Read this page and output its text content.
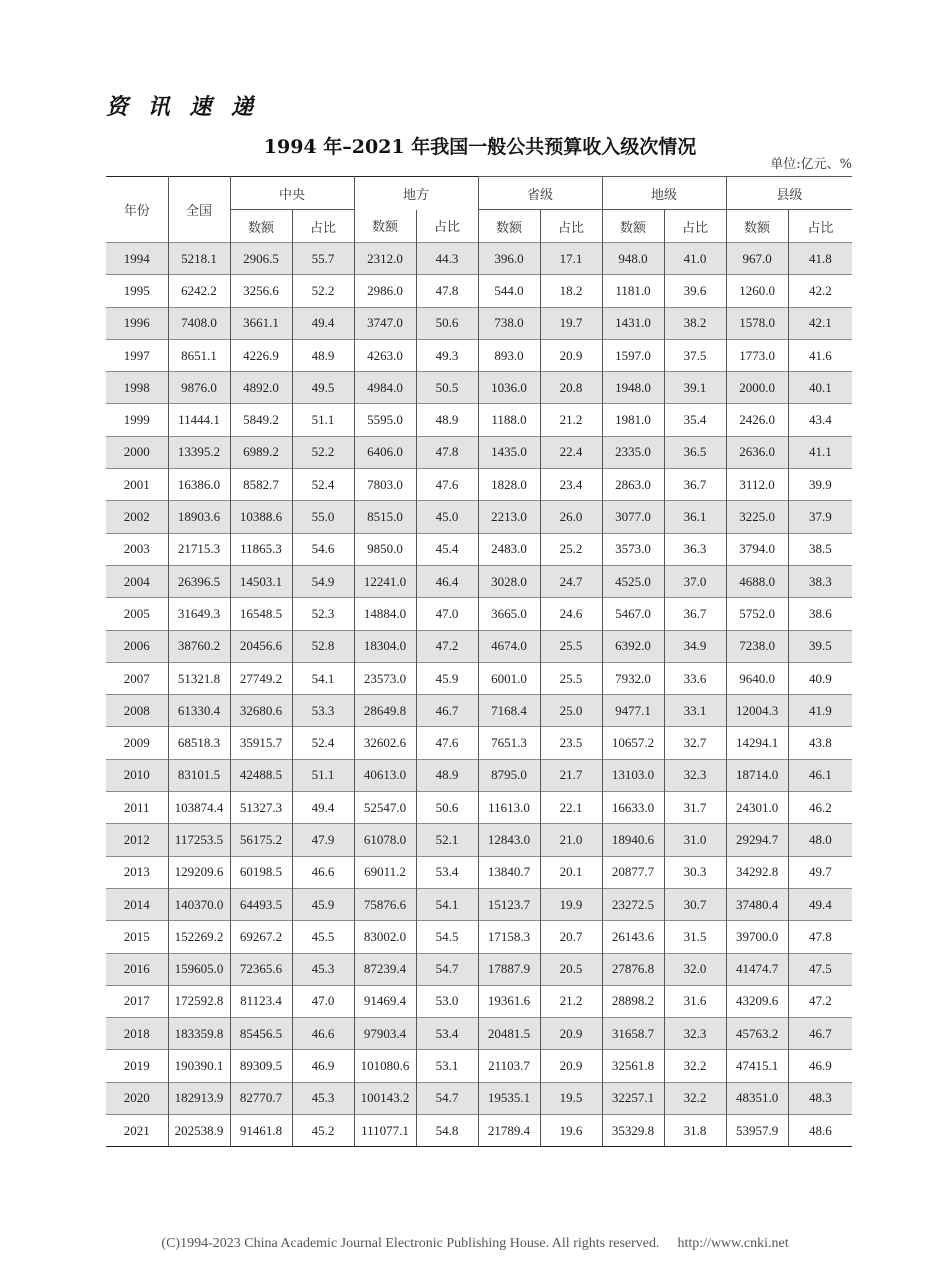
资 讯 速 递
1994 年–2021 年我国一般公共预算收入级次情况
单位:亿元、%
年份	全国	中央		地方		省级		地级		县级	
		数额	占比	数额	占比	数额	占比	数额	占比	数额	占比
1994	5218.1	2906.5	55.7	2312.0	44.3	396.0	17.1	948.0	41.0	967.0	41.8
1995	6242.2	3256.6	52.2	2986.0	47.8	544.0	18.2	1181.0	39.6	1260.0	42.2
1996	7408.0	3661.1	49.4	3747.0	50.6	738.0	19.7	1431.0	38.2	1578.0	42.1
1997	8651.1	4226.9	48.9	4263.0	49.3	893.0	20.9	1597.0	37.5	1773.0	41.6
1998	9876.0	4892.0	49.5	4984.0	50.5	1036.0	20.8	1948.0	39.1	2000.0	40.1
1999	11444.1	5849.2	51.1	5595.0	48.9	1188.0	21.2	1981.0	35.4	2426.0	43.4
2000	13395.2	6989.2	52.2	6406.0	47.8	1435.0	22.4	2335.0	36.5	2636.0	41.1
2001	16386.0	8582.7	52.4	7803.0	47.6	1828.0	23.4	2863.0	36.7	3112.0	39.9
2002	18903.6	10388.6	55.0	8515.0	45.0	2213.0	26.0	3077.0	36.1	3225.0	37.9
2003	21715.3	11865.3	54.6	9850.0	45.4	2483.0	25.2	3573.0	36.3	3794.0	38.5
2004	26396.5	14503.1	54.9	12241.0	46.4	3028.0	24.7	4525.0	37.0	4688.0	38.3
2005	31649.3	16548.5	52.3	14884.0	47.0	3665.0	24.6	5467.0	36.7	5752.0	38.6
2006	38760.2	20456.6	52.8	18304.0	47.2	4674.0	25.5	6392.0	34.9	7238.0	39.5
2007	51321.8	27749.2	54.1	23573.0	45.9	6001.0	25.5	7932.0	33.6	9640.0	40.9
2008	61330.4	32680.6	53.3	28649.8	46.7	7168.4	25.0	9477.1	33.1	12004.3	41.9
2009	68518.3	35915.7	52.4	32602.6	47.6	7651.3	23.5	10657.2	32.7	14294.1	43.8
2010	83101.5	42488.5	51.1	40613.0	48.9	8795.0	21.7	13103.0	32.3	18714.0	46.1
2011	103874.4	51327.3	49.4	52547.0	50.6	11613.0	22.1	16633.0	31.7	24301.0	46.2
2012	117253.5	56175.2	47.9	61078.0	52.1	12843.0	21.0	18940.6	31.0	29294.7	48.0
2013	129209.6	60198.5	46.6	69011.2	53.4	13840.7	20.1	20877.7	30.3	34292.8	49.7
2014	140370.0	64493.5	45.9	75876.6	54.1	15123.7	19.9	23272.5	30.7	37480.4	49.4
2015	152269.2	69267.2	45.5	83002.0	54.5	17158.3	20.7	26143.6	31.5	39700.0	47.8
2016	159605.0	72365.6	45.3	87239.4	54.7	17887.9	20.5	27876.8	32.0	41474.7	47.5
2017	172592.8	81123.4	47.0	91469.4	53.0	19361.6	21.2	28898.2	31.6	43209.6	47.2
2018	183359.8	85456.5	46.6	97903.4	53.4	20481.5	20.9	31658.7	32.3	45763.2	46.7
2019	190390.1	89309.5	46.9	101080.6	53.1	21103.7	20.9	32561.8	32.2	47415.1	46.9
2020	182913.9	82770.7	45.3	100143.2	54.7	19535.1	19.5	32257.1	32.2	48351.0	48.3
2021	202538.9	91461.8	45.2	111077.1	54.8	21789.4	19.6	35329.8	31.8	53957.9	48.6
(C)1994-2023 China Academic Journal Electronic Publishing House. All rights reserved. http://www.cnki.net
